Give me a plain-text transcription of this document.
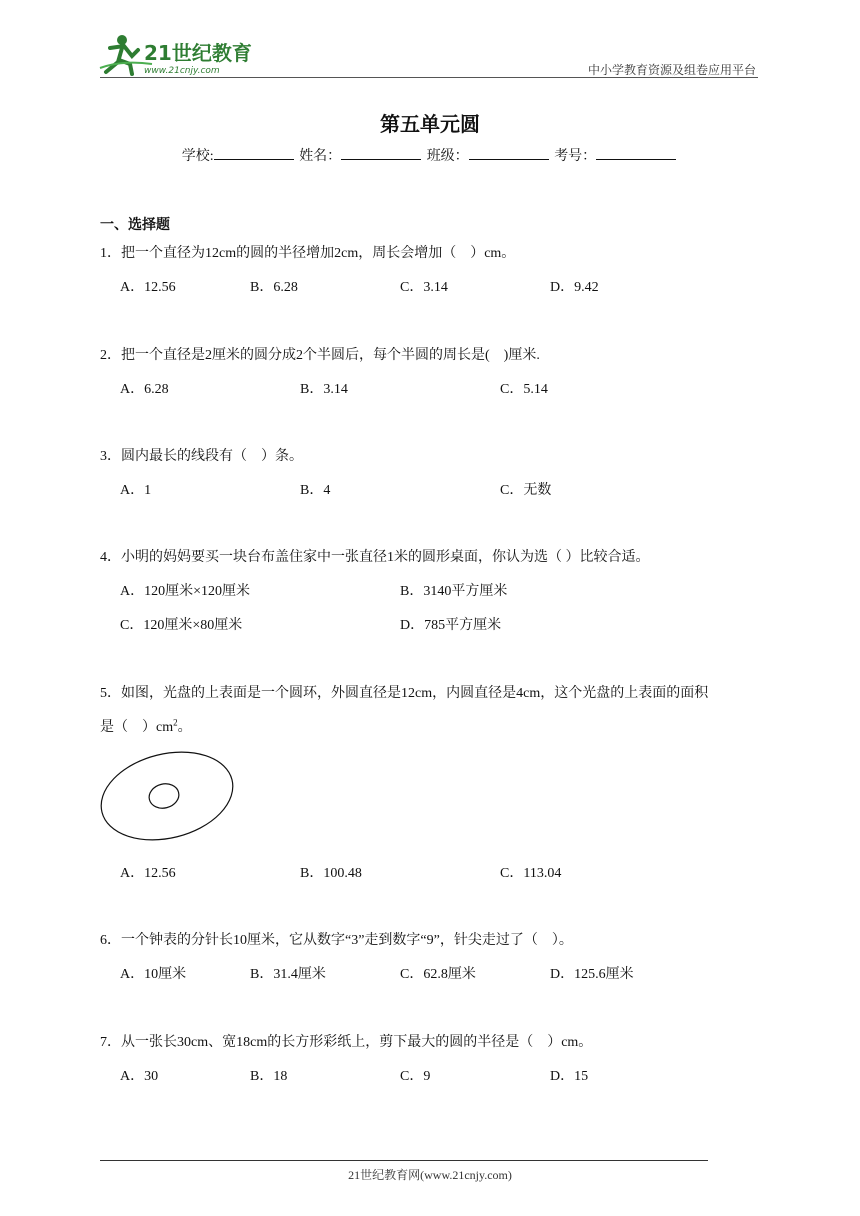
21世纪教育
www.21cnjy.com	中小学教育资源及组卷应用平台
第五单元圆
学校:	姓名：	班级：	考号：
一、选择题
1．把一个直径为12cm的圆的半径增加2cm，周长会增加（　）cm。
A．12.56	B．6.28	C．3.14	D．9.42
2．把一个直径是2厘米的圆分成2个半圆后，每个半圆的周长是(　)厘米.
A．6.28	B．3.14	C．5.14
3．圆内最长的线段有（　）条。
A．1	B．4	C．无数
4．小明的妈妈要买一块台布盖住家中一张直径1米的圆形桌面，你认为选（ ）比较合适。
A．120厘米×120厘米	B．3140平方厘米
C．120厘米×80厘米	D．785平方厘米
5．如图，光盘的上表面是一个圆环，外圆直径是12cm，内圆直径是4cm，这个光盘的上表面的面积
是（　）$cm^2$。
A．12.56	B．100.48	C．113.04
6．一个钟表的分针长10厘米，它从数字“3”走到数字“9”，针尖走过了（　）。
A．10厘米	B．31.4厘米	C．62.8厘米	D．125.6厘米
7．从一张长30cm、宽18cm的长方形彩纸上，剪下最大的圆的半径是（　）cm。
A．30	B．18	C．9	D．15
21世纪教育网(www.21cnjy.com)
